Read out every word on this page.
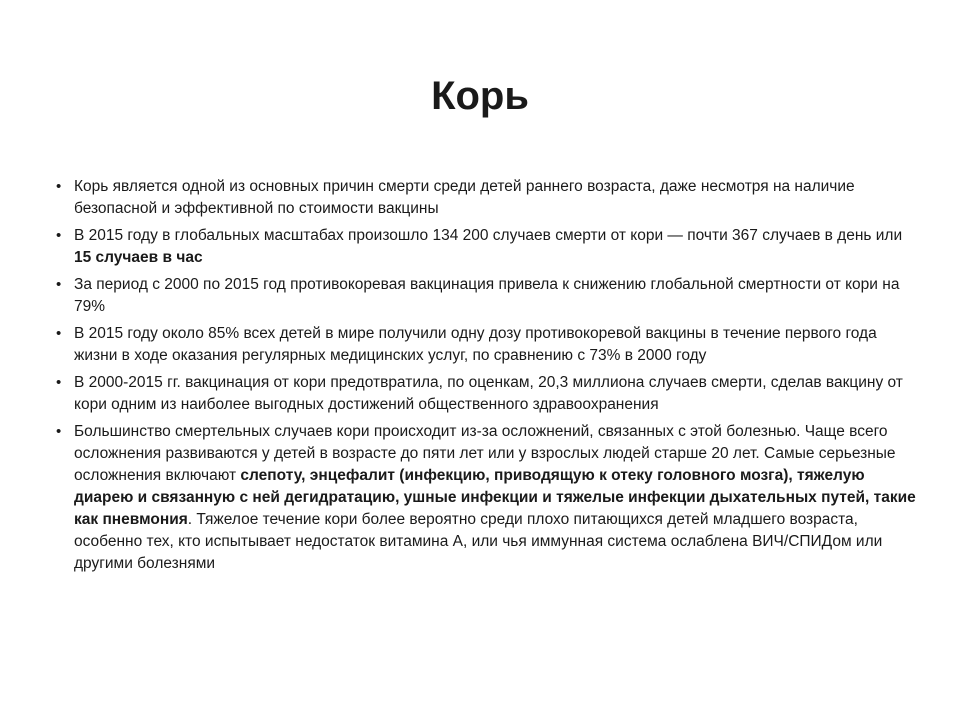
Корь
• Корь является одной из основных причин смерти среди детей раннего возраста, даже несмотря на наличие безопасной и эффективной по стоимости вакцины
• В 2015 году в глобальных масштабах произошло 134 200 случаев смерти от кори — почти 367 случаев в день или 15 случаев в час
• За период с 2000 по 2015 год противокоревая вакцинация привела к снижению глобальной смертности от кори на 79%
• В 2015 году около 85% всех детей в мире получили одну дозу противокоревой вакцины в течение первого года жизни в ходе оказания регулярных медицинских услуг, по сравнению с 73% в 2000 году
• В 2000-2015 гг. вакцинация от кори предотвратила, по оценкам, 20,3 миллиона случаев смерти, сделав вакцину от кори одним из наиболее выгодных достижений общественного здравоохранения
• Большинство смертельных случаев кори происходит из-за осложнений, связанных с этой болезнью. Чаще всего осложнения развиваются у детей в возрасте до пяти лет или у взрослых людей старше 20 лет. Самые серьезные осложнения включают слепоту, энцефалит (инфекцию, приводящую к отеку головного мозга), тяжелую диарею и связанную с ней дегидратацию, ушные инфекции и тяжелые инфекции дыхательных путей, такие как пневмония. Тяжелое течение кори более вероятно среди плохо питающихся детей младшего возраста, особенно тех, кто испытывает недостаток витамина А, или чья иммунная система ослаблена ВИЧ/СПИДом или другими болезнями
